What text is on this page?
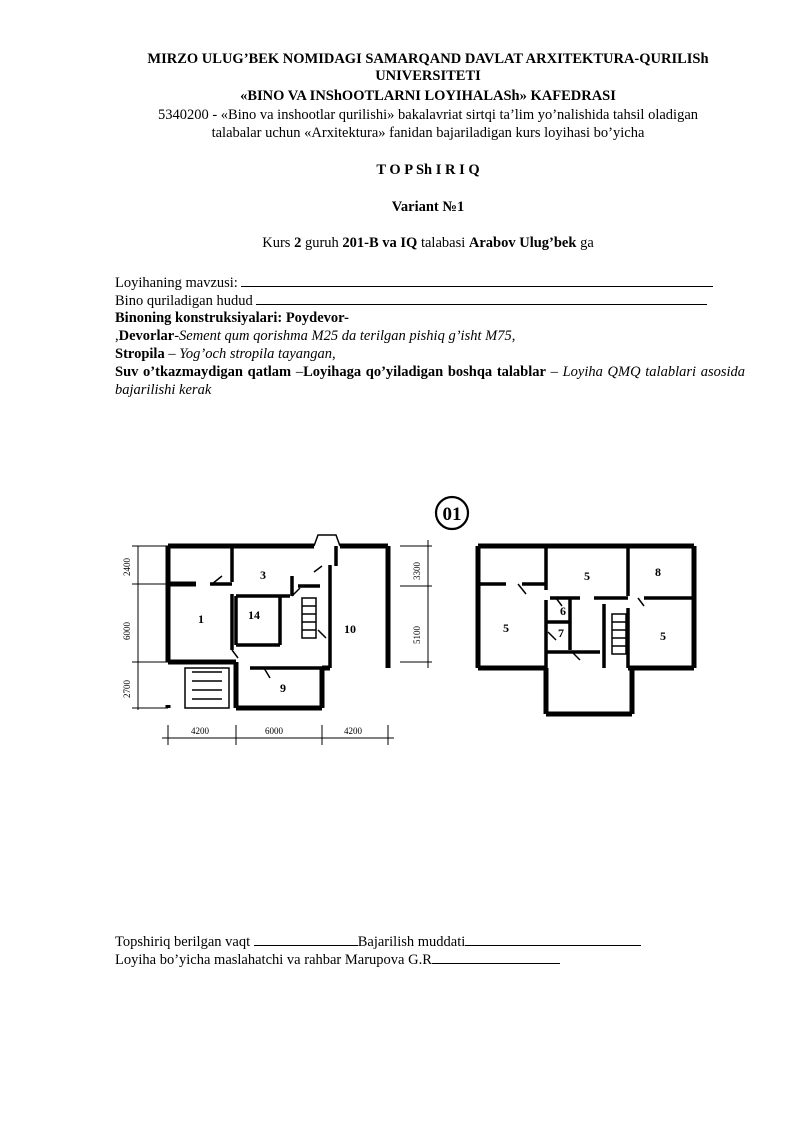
MIRZO ULUG’BEK NOMIDAGI SAMARQAND DAVLAT ARXITEKTURA-QURILISh
UNIVERSITETI
«BINO VA INShOOTLARNI LOYIHALASh» KAFEDRASI
5340200 - «Bino va inshootlar qurilishi» bakalavriat sirtqi ta’lim yo’nalishida tahsil oladigan
talabalar uchun «Arxitektura» fanidan bajariladigan kurs loyihasi bo’yicha
T O P Sh I R I Q
Variant №1
Kurs 2 guruh 201-B va IQ talabasi Arabov Ulug’bek ga
Loyihaning mavzusi:
Bino quriladigan hudud
Binoning konstruksiyalari: Poydevor-
,Devorlar-Sement qum qorishma M25 da terilgan pishiq g’isht M75,
Stropila – Yog’och stropila tayangan,
Suv o’tkazmaydigan qatlam –Loyihaga qo’yiladigan boshqa talablar – Loyiha QMQ talablari asosida bajarilishi kerak
01
3
14
1
10
9
4200	6000	4200
2400
6000
2700
3300
5100
5	8
6
7
5
5
Topshiriq berilgan vaqt	Bajarilish muddati
Loyiha bo’yicha maslahatchi va rahbar Marupova G.R
